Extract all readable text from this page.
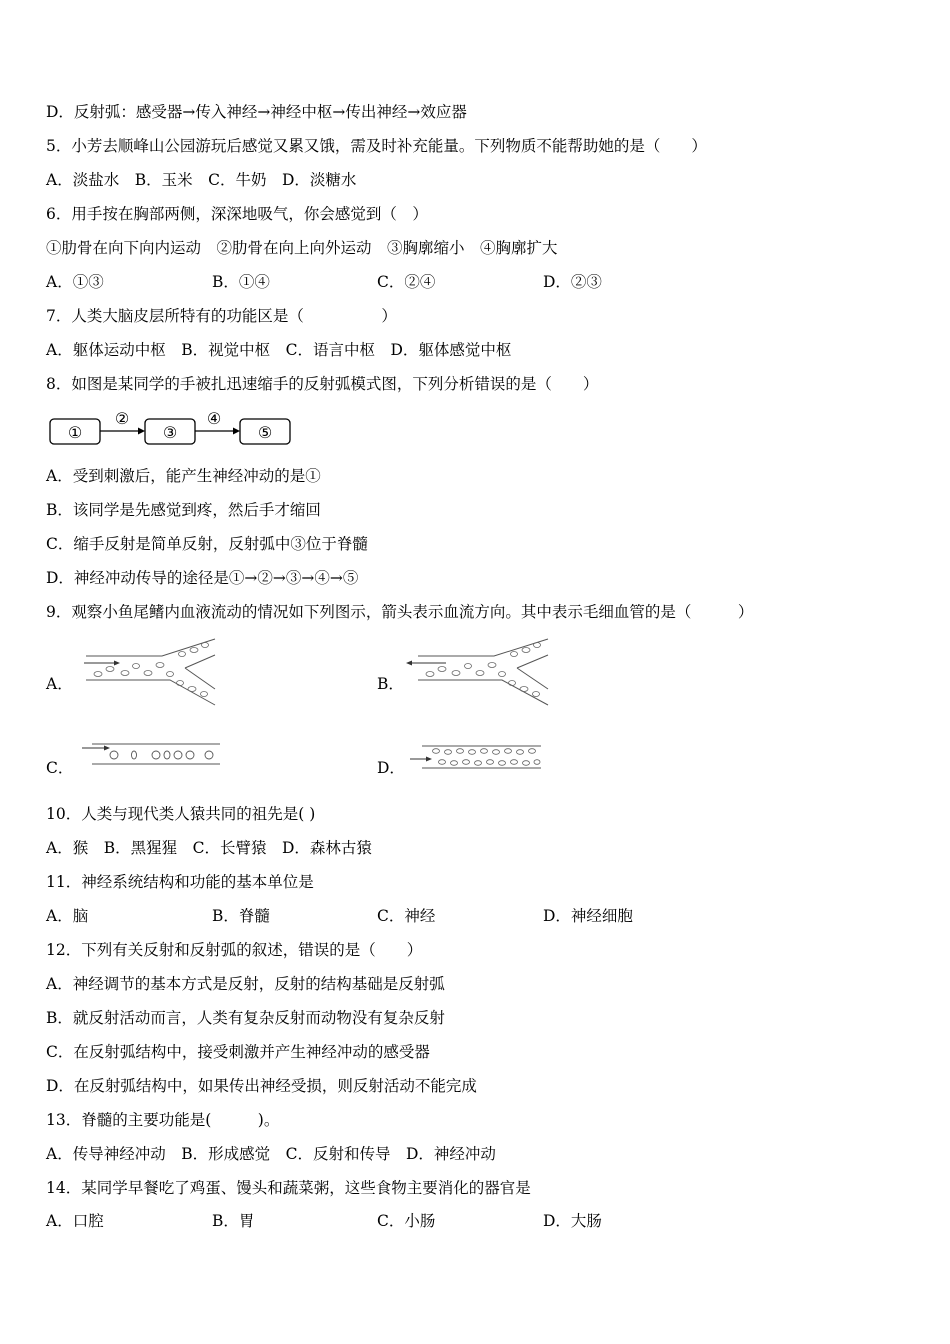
D．反射弧：感受器→传入神经→神经中枢→传出神经→效应器
5．小芳去顺峰山公园游玩后感觉又累又饿，需及时补充能量。下列物质不能帮助她的是（　　）
A．淡盐水　B．玉米　C．牛奶　D．淡糖水
6．用手按在胸部两侧，深深地吸气，你会感觉到（　）
①肋骨在向下向内运动　②肋骨在向上向外运动　③胸廓缩小　④胸廓扩大
A．①③	B．①④	C．②④	D．②③
7．人类大脑皮层所特有的功能区是（　　　　　）
A．躯体运动中枢　B．视觉中枢　C．语言中枢　D．躯体感觉中枢
8．如图是某同学的手被扎迅速缩手的反射弧模式图，下列分析错误的是（　　）
①
②
③
④
⑤
A．受到刺激后，能产生神经冲动的是①
B．该同学是先感觉到疼，然后手才缩回
C．缩手反射是简单反射，反射弧中③位于脊髓
D．神经冲动传导的途径是①→②→③→④→⑤
9．观察小鱼尾鳍内血液流动的情况如下列图示，箭头表示血流方向。其中表示毛细血管的是（　　　）
A．	B．
C．	D．
10．人类与现代类人猿共同的祖先是( )
A．猴　B．黑猩猩　C．长臂猿　D．森林古猿
11．神经系统结构和功能的基本单位是
A．脑	B．脊髓	C．神经	D．神经细胞
12．下列有关反射和反射弧的叙述，错误的是（　　）
A．神经调节的基本方式是反射，反射的结构基础是反射弧
B．就反射活动而言，人类有复杂反射而动物没有复杂反射
C．在反射弧结构中，接受刺激并产生神经冲动的感受器
D．在反射弧结构中，如果传出神经受损，则反射活动不能完成
13．脊髓的主要功能是(　　　)。
A．传导神经冲动　B．形成感觉　C．反射和传导　D．神经冲动
14．某同学早餐吃了鸡蛋、馒头和蔬菜粥，这些食物主要消化的器官是
A．口腔	B．胃	C．小肠	D．大肠
